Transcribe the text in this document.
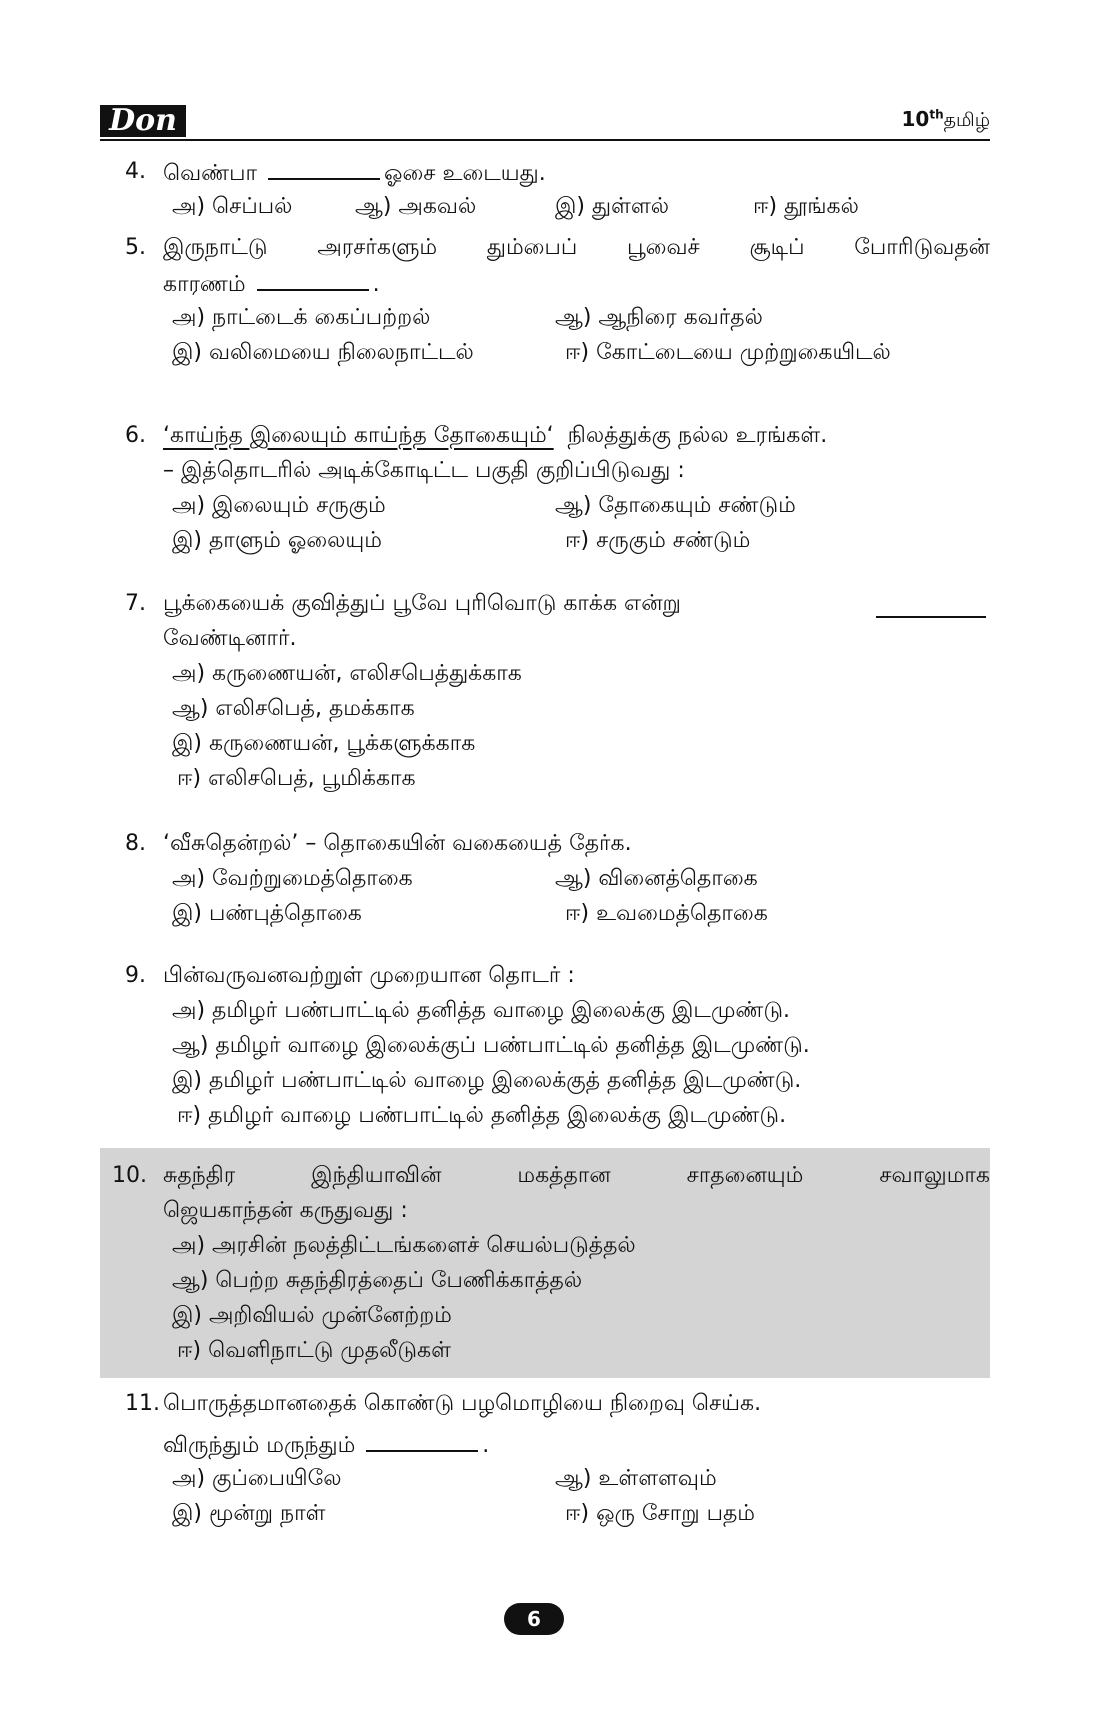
Don	10thதமிழ்
4. வெண்பா	ஓசை உடையது.
அ) செப்பல்	ஆ) அகவல்	இ) துள்ளல்	ஈ) தூங்கல்
5. இருநாட்டு அரசர்களும் தும்பைப் பூவைச் சூடிப் போரிடுவதன்
காரணம்	.
அ) நாட்டைக் கைப்பற்றல்	ஆ) ஆநிரை கவர்தல்
இ) வலிமையை நிலைநாட்டல்	ஈ) கோட்டையை முற்றுகையிடல்
6. ‘காய்ந்த இலையும் காய்ந்த தோகையும்‘ நிலத்துக்கு நல்ல உரங்கள்.
– இத்தொடரில் அடிக்கோடிட்ட பகுதி குறிப்பிடுவது :
அ) இலையும் சருகும்	ஆ) தோகையும் சண்டும்
இ) தாளும் ஓலையும்	ஈ) சருகும் சண்டும்
7. பூக்கையைக் குவித்துப் பூவே புரிவொடு காக்க என்று
வேண்டினார்.
அ) கருணையன், எலிசபெத்துக்காக
ஆ) எலிசபெத், தமக்காக
இ) கருணையன், பூக்களுக்காக
ஈ) எலிசபெத், பூமிக்காக
8. ‘வீசுதென்றல்’ – தொகையின் வகையைத் தேர்க.
அ) வேற்றுமைத்தொகை	ஆ) வினைத்தொகை
இ) பண்புத்தொகை	ஈ) உவமைத்தொகை
9. பின்வருவனவற்றுள் முறையான தொடர் :
அ) தமிழர் பண்பாட்டில் தனித்த வாழை இலைக்கு இடமுண்டு.
ஆ) தமிழர் வாழை இலைக்குப் பண்பாட்டில் தனித்த இடமுண்டு.
இ) தமிழர் பண்பாட்டில் வாழை இலைக்குத் தனித்த இடமுண்டு.
ஈ) தமிழர் வாழை பண்பாட்டில் தனித்த இலைக்கு இடமுண்டு.
10. சுதந்திர இந்தியாவின் மகத்தான சாதனையும் சவாலுமாக
ஜெயகாந்தன் கருதுவது :
அ) அரசின் நலத்திட்டங்களைச் செயல்படுத்தல்
ஆ) பெற்ற சுதந்திரத்தைப் பேணிக்காத்தல்
இ) அறிவியல் முன்னேற்றம்
ஈ) வெளிநாட்டு முதலீடுகள்
11. பொருத்தமானதைக் கொண்டு பழமொழியை நிறைவு செய்க.
விருந்தும் மருந்தும்	.
அ) குப்பையிலே	ஆ) உள்ளளவும்
இ) மூன்று நாள்	ஈ) ஒரு சோறு பதம்
6
